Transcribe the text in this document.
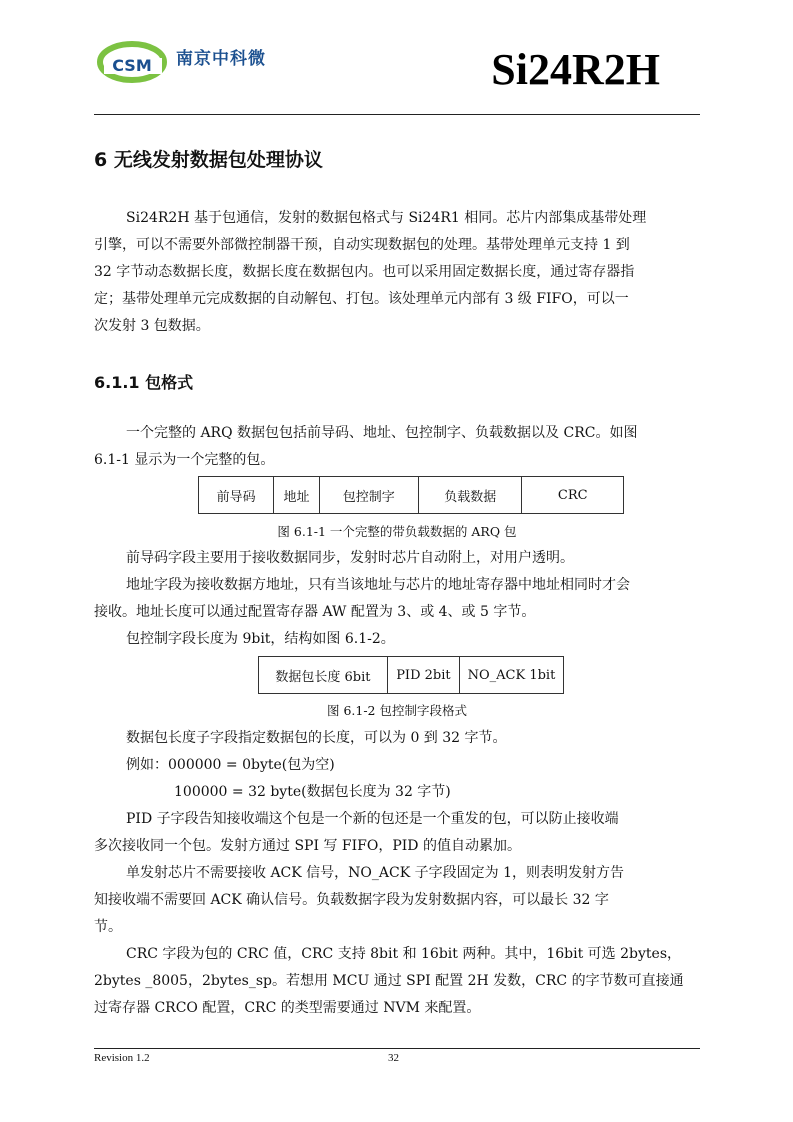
CSM 南京中科微	Si24R2H
6 无线发射数据包处理协议

Si24R2H 基于包通信，发射的数据包格式与 Si24R1 相同。芯片内部集成基带处理

引擎，可以不需要外部微控制器干预，自动实现数据包的处理。基带处理单元支持 1 到

32 字节动态数据长度，数据长度在数据包内。也可以采用固定数据长度，通过寄存器指

定；基带处理单元完成数据的自动解包、打包。该处理单元内部有 3 级 FIFO，可以一

次发射 3 包数据。

6.1.1 包格式

一个完整的 ARQ 数据包包括前导码、地址、包控制字、负载数据以及 CRC。如图

6.1-1 显示为一个完整的包。

前导码	地址	包控制字	负载数据	CRC
图 6.1-1 一个完整的带负载数据的 ARQ 包

前导码字段主要用于接收数据同步，发射时芯片自动附上，对用户透明。

地址字段为接收数据方地址，只有当该地址与芯片的地址寄存器中地址相同时才会

接收。地址长度可以通过配置寄存器 AW 配置为 3、或 4、或 5 字节。

包控制字段长度为 9bit，结构如图 6.1-2。

数据包长度 6bit	PID 2bit	NO_ACK 1bit
图 6.1-2 包控制字段格式

数据包长度子字段指定数据包的长度，可以为 0 到 32 字节。

例如：000000 = 0byte(包为空)

100000 = 32 byte(数据包长度为 32 字节)

PID 子字段告知接收端这个包是一个新的包还是一个重发的包，可以防止接收端

多次接收同一个包。发射方通过 SPI 写 FIFO，PID 的值自动累加。

单发射芯片不需要接收 ACK 信号，NO_ACK 子字段固定为 1，则表明发射方告

知接收端不需要回 ACK 确认信号。负载数据字段为发射数据内容，可以最长 32 字

节。

CRC 字段为包的 CRC 值，CRC 支持 8bit 和 16bit 两种。其中，16bit 可选 2bytes，

2bytes _8005，2bytes_sp。若想用 MCU 通过 SPI 配置 2H 发数，CRC 的字节数可直接通

过寄存器 CRCO 配置，CRC 的类型需要通过 NVM 来配置。

Revision 1.2	32
